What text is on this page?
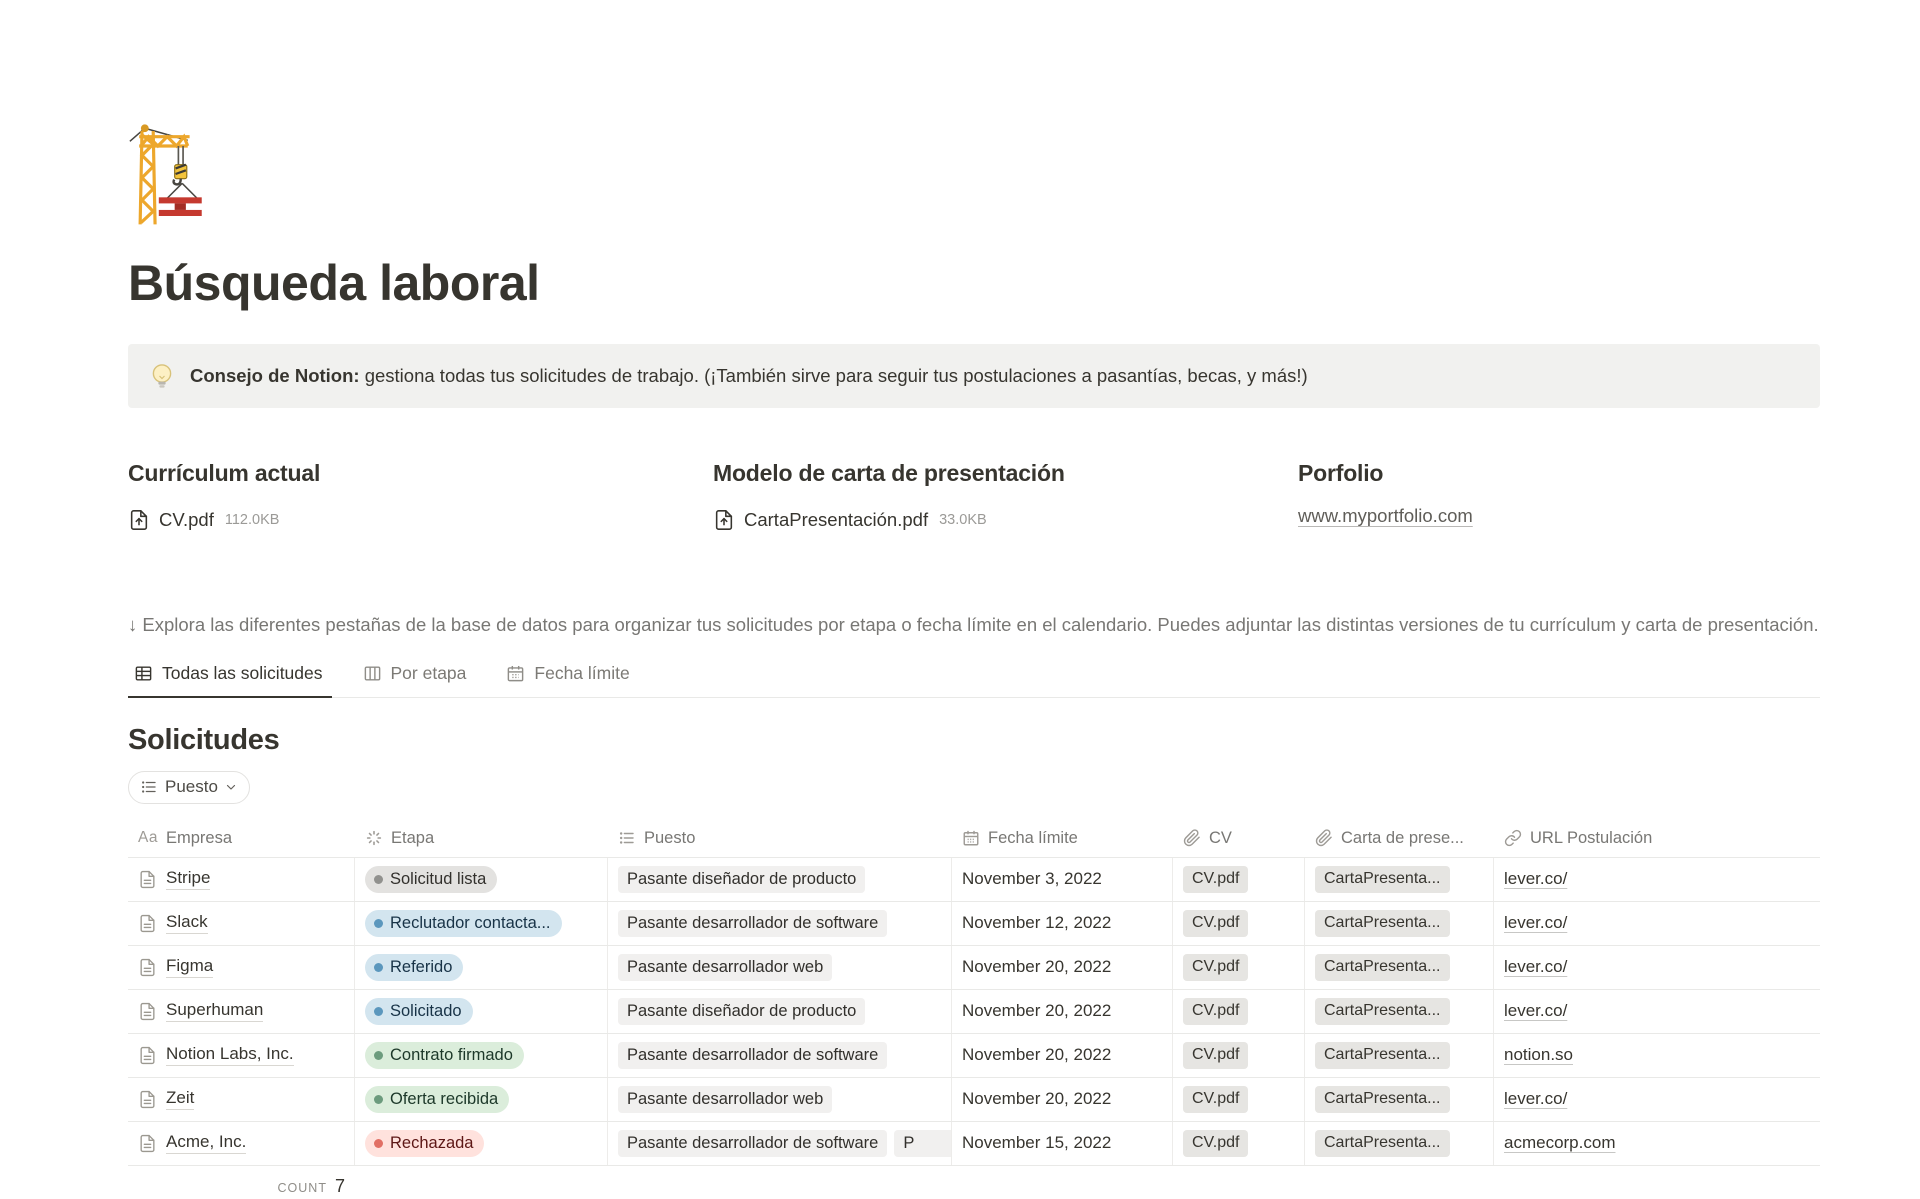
Búsqueda laboral
Consejo de Notion: gestiona todas tus solicitudes de trabajo. (¡También sirve para seguir tus postulaciones a pasantías, becas, y más!)
Currículum actual
CV.pdf 112.0KB
Modelo de carta de presentación
CartaPresentación.pdf 33.0KB
Porfolio
www.myportfolio.com

↓ Explora las diferentes pestañas de la base de datos para organizar tus solicitudes por etapa o fecha límite en el calendario. Puedes adjuntar las distintas versiones de tu currículum y carta de presentación.

Todas las solicitudes	Por etapa	Fecha límite
Solicitudes
Puesto
Aa Empresa	Etapa	Puesto	Fecha límite	CV	Carta de prese...	URL Postulación
Stripe	Solicitud lista	Pasante diseñador de producto	November 3, 2022	CV.pdf	CartaPresenta...	lever.co/
Slack	Reclutador contacta...	Pasante desarrollador de software	November 12, 2022	CV.pdf	CartaPresenta...	lever.co/
Figma	Referido	Pasante desarrollador web	November 20, 2022	CV.pdf	CartaPresenta...	lever.co/
Superhuman	Solicitado	Pasante diseñador de producto	November 20, 2022	CV.pdf	CartaPresenta...	lever.co/
Notion Labs, Inc.	Contrato firmado	Pasante desarrollador de software	November 20, 2022	CV.pdf	CartaPresenta...	notion.so
Zeit	Oferta recibida	Pasante desarrollador web	November 20, 2022	CV.pdf	CartaPresenta...	lever.co/
Acme, Inc.	Rechazada	Pasante desarrollador de software	P	November 15, 2022	CV.pdf	CartaPresenta...	acmecorp.com
COUNT 7
